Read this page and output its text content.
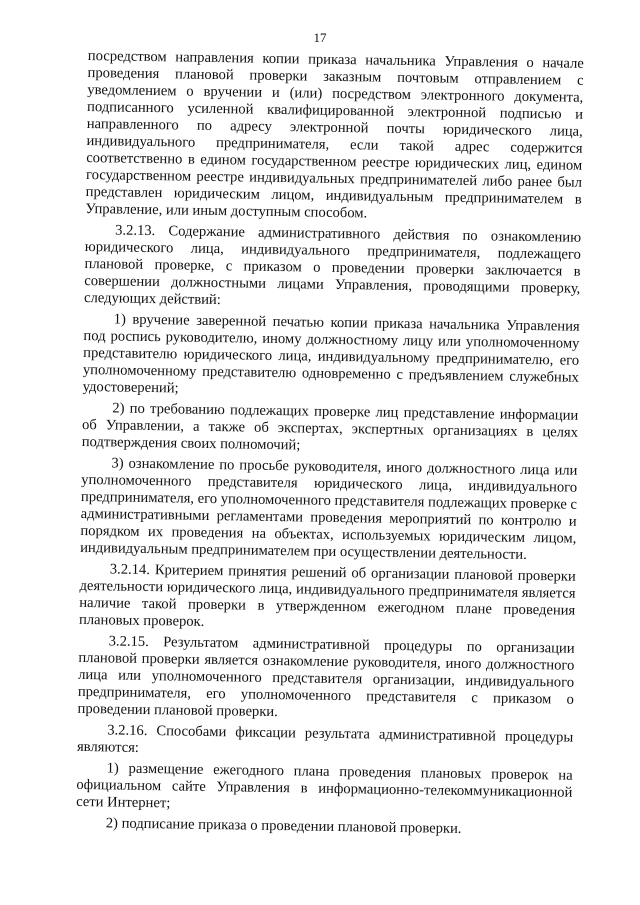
17

посредством направления копии приказа начальника Управления о начале проведения плановой проверки заказным почтовым отправлением с уведомлением о вручении и (или) посредством электронного документа, подписанного усиленной квалифицированной электронной подписью и направленного по адресу электронной почты юридического лица, индивидуального предпринимателя, если такой адрес содержится соответственно в едином государственном реестре юридических лиц, едином государственном реестре индивидуальных предпринимателей либо ранее был представлен юридическим лицом, индивидуальным предпринимателем в Управление, или иным доступным способом.

3.2.13. Содержание административного действия по ознакомлению юридического лица, индивидуального предпринимателя, подлежащего плановой проверке, с приказом о проведении проверки заключается в совершении должностными лицами Управления, проводящими проверку, следующих действий:

1) вручение заверенной печатью копии приказа начальника Управления под роспись руководителю, иному должностному лицу или уполномоченному представителю юридического лица, индивидуальному предпринимателю, его уполномоченному представителю одновременно с предъявлением служебных удостоверений;

2) по требованию подлежащих проверке лиц представление информации об Управлении, а также об экспертах, экспертных организациях в целях подтверждения своих полномочий;

3) ознакомление по просьбе руководителя, иного должностного лица или уполномоченного представителя юридического лица, индивидуального предпринимателя, его уполномоченного представителя подлежащих проверке с административными регламентами проведения мероприятий по контролю и порядком их проведения на объектах, используемых юридическим лицом, индивидуальным предпринимателем при осуществлении деятельности.

3.2.14. Критерием принятия решений об организации плановой проверки деятельности юридического лица, индивидуального предпринимателя является наличие такой проверки в утвержденном ежегодном плане проведения плановых проверок.

3.2.15. Результатом административной процедуры по организации плановой проверки является ознакомление руководителя, иного должностного лица или уполномоченного представителя организации, индивидуального предпринимателя, его уполномоченного представителя с приказом о проведении плановой проверки.

3.2.16. Способами фиксации результата административной процедуры являются:

1) размещение ежегодного плана проведения плановых проверок на официальном сайте Управления в информационно-телекоммуникационной сети Интернет;

2) подписание приказа о проведении плановой проверки.
